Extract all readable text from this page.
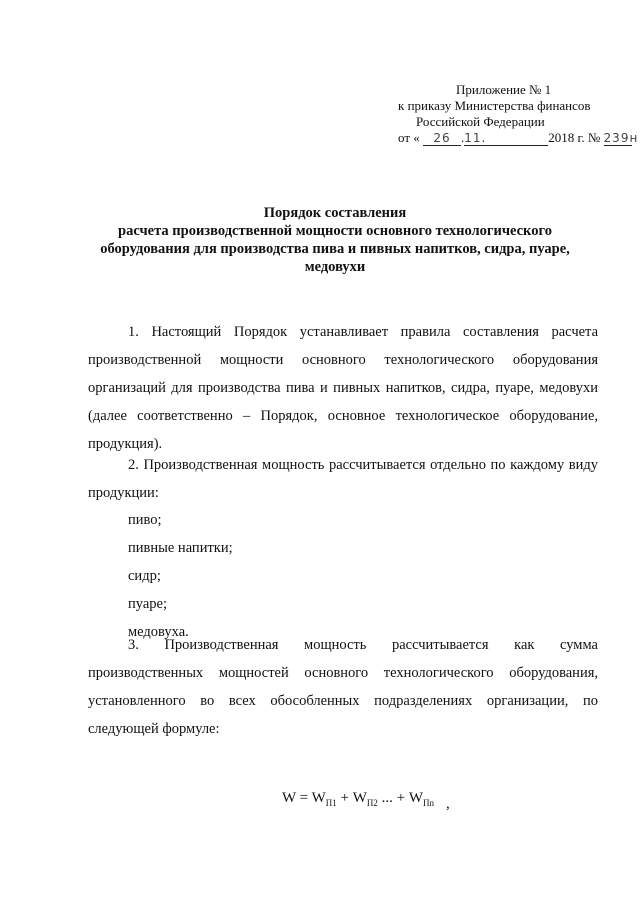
Приложение № 1
к приказу Министерства финансов
Российской Федерации
от « 26 .11.	2018 г. № 239н
Порядок составления
расчета производственной мощности основного технологического
оборудования для производства пива и пивных напитков, сидра, пуаре,
медовухи
1. Настоящий Порядок устанавливает правила составления расчета производственной мощности основного технологического оборудования организаций для производства пива и пивных напитков, сидра, пуаре, медовухи (далее соответственно – Порядок, основное технологическое оборудование, продукция).
2. Производственная мощность рассчитывается отдельно по каждому виду продукции:
пиво;
пивные напитки;
сидр;
пуаре;
медовуха.
3. Производственная мощность рассчитывается как сумма
производственных мощностей основного технологического оборудования, установленного во всех обособленных подразделениях организации, по следующей формуле:
$W = W_{П1} + W_{П2}$ ... + $W_{Пn}$ ,
